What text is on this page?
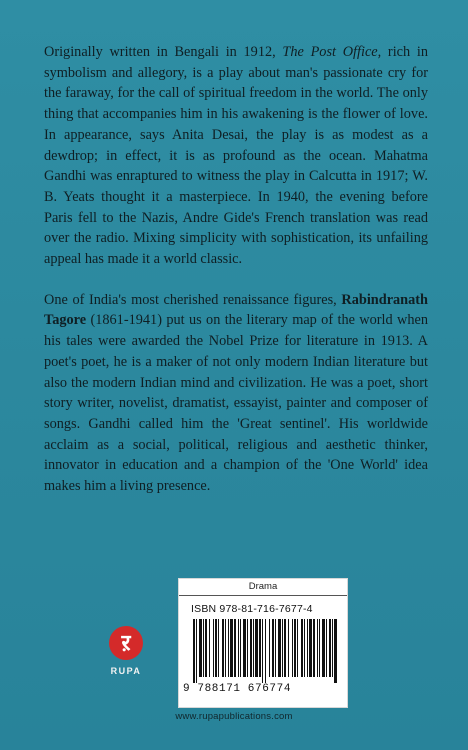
Originally written in Bengali in 1912, The Post Office, rich in symbolism and allegory, is a play about man's passionate cry for the faraway, for the call of spiritual freedom in the world. The only thing that accompanies him in his awakening is the flower of love. In appearance, says Anita Desai, the play is as modest as a dewdrop; in effect, it is as profound as the ocean. Mahatma Gandhi was enraptured to witness the play in Calcutta in 1917; W. B. Yeats thought it a masterpiece. In 1940, the evening before Paris fell to the Nazis, Andre Gide's French translation was read over the radio. Mixing simplicity with sophistication, its unfailing appeal has made it a world classic.

One of India's most cherished renaissance figures, Rabindranath Tagore (1861-1941) put us on the literary map of the world when his tales were awarded the Nobel Prize for literature in 1913. A poet's poet, he is a maker of not only modern Indian literature but also the modern Indian mind and civilization. He was a poet, short story writer, novelist, dramatist, essayist, painter and composer of songs. Gandhi called him the 'Great sentinel'. His worldwide acclaim as a social, political, religious and aesthetic thinker, innovator in education and a champion of the 'One World' idea makes him a living presence.

ऱ
RUPA
Drama
ISBN 978-81-716-7677-4
9 788171 676774
www.rupapublications.com
